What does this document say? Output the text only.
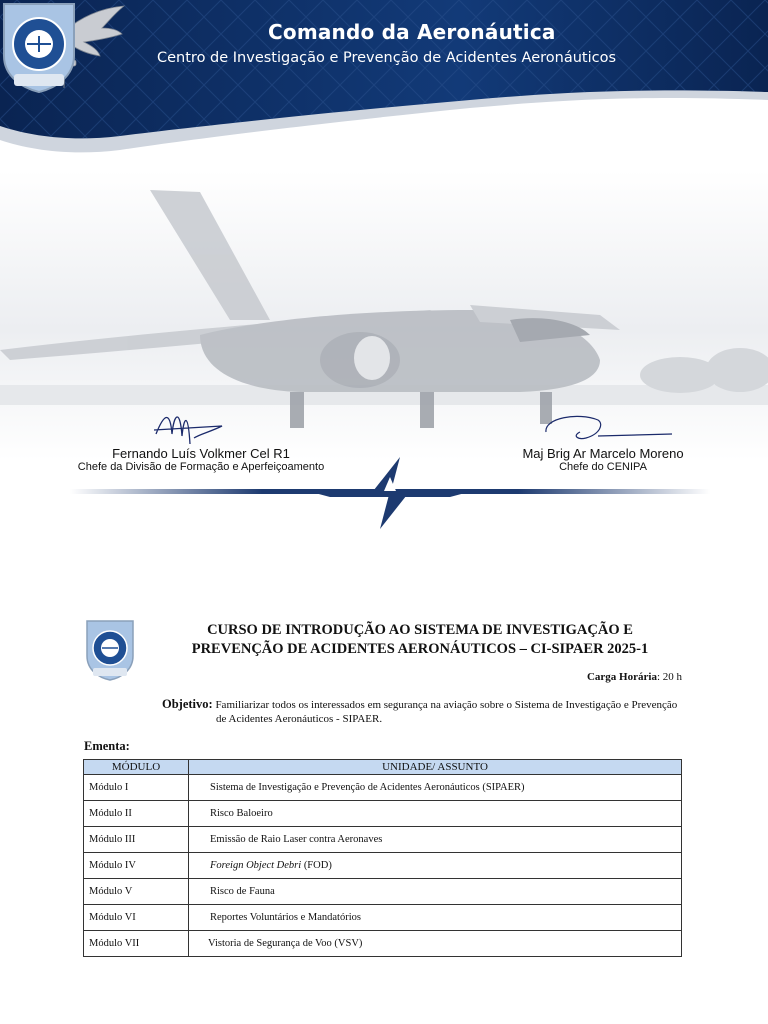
Comando da Aeronáutica
Centro de Investigação e Prevenção de Acidentes Aeronáuticos
Fernando Luís Volkmer Cel R1
Chefe da Divisão de Formação e Aperfeiçoamento
Maj Brig Ar Marcelo Moreno
Chefe do CENIPA
CURSO DE INTRODUÇÃO AO SISTEMA DE INVESTIGAÇÃO E
PREVENÇÃO DE ACIDENTES AERONÁUTICOS – CI-SIPAER 2025-1
Carga Horária: 20 h
Objetivo: Familiarizar todos os interessados em segurança na aviação sobre o Sistema de Investigação e Prevenção
de Acidentes Aeronáuticos - SIPAER.
Ementa:
MÓDULO	UNIDADE/ ASSUNTO
Módulo I	Sistema de Investigação e Prevenção de Acidentes Aeronáuticos (SIPAER)
Módulo II	Risco Baloeiro
Módulo III	Emissão de Raio Laser contra Aeronaves
Módulo IV	Foreign Object Debri (FOD)
Módulo V	Risco de Fauna
Módulo VI	Reportes Voluntários e Mandatórios
Módulo VII	Vistoria de Segurança de Voo (VSV)
